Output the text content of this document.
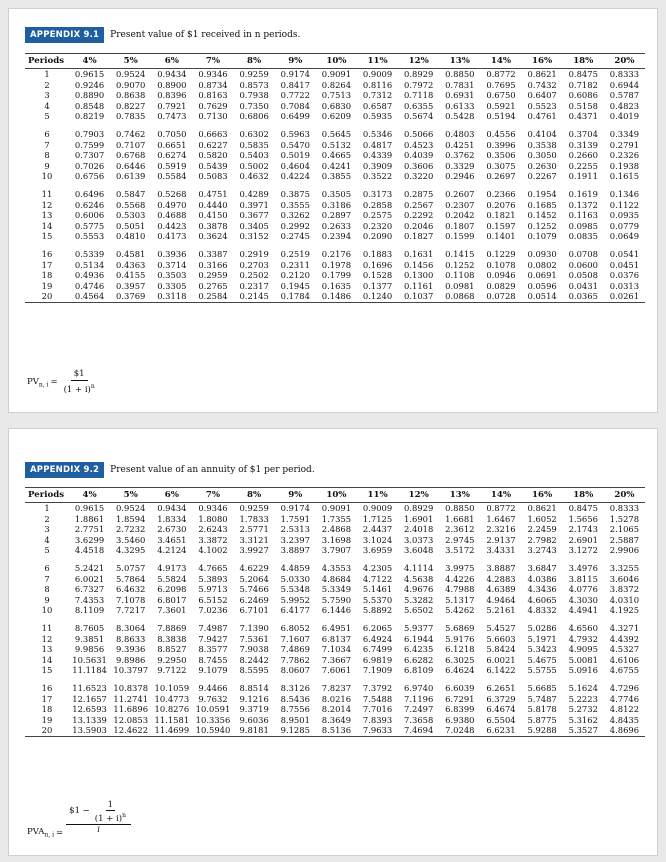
APPENDIX 9.1	Present value of $1 received in n periods.
Periods	4%	5%	6%	7%	8%	9%	10%	11%	12%	13%	14%	16%	18%	20%
1	0.9615	0.9524	0.9434	0.9346	0.9259	0.9174	0.9091	0.9009	0.8929	0.8850	0.8772	0.8621	0.8475	0.8333
2	0.9246	0.9070	0.8900	0.8734	0.8573	0.8417	0.8264	0.8116	0.7972	0.7831	0.7695	0.7432	0.7182	0.6944
3	0.8890	0.8638	0.8396	0.8163	0.7938	0.7722	0.7513	0.7312	0.7118	0.6931	0.6750	0.6407	0.6086	0.5787
4	0.8548	0.8227	0.7921	0.7629	0.7350	0.7084	0.6830	0.6587	0.6355	0.6133	0.5921	0.5523	0.5158	0.4823
5	0.8219	0.7835	0.7473	0.7130	0.6806	0.6499	0.6209	0.5935	0.5674	0.5428	0.5194	0.4761	0.4371	0.4019

6	0.7903	0.7462	0.7050	0.6663	0.6302	0.5963	0.5645	0.5346	0.5066	0.4803	0.4556	0.4104	0.3704	0.3349
7	0.7599	0.7107	0.6651	0.6227	0.5835	0.5470	0.5132	0.4817	0.4523	0.4251	0.3996	0.3538	0.3139	0.2791
8	0.7307	0.6768	0.6274	0.5820	0.5403	0.5019	0.4665	0.4339	0.4039	0.3762	0.3506	0.3050	0.2660	0.2326
9	0.7026	0.6446	0.5919	0.5439	0.5002	0.4604	0.4241	0.3909	0.3606	0.3329	0.3075	0.2630	0.2255	0.1938
10	0.6756	0.6139	0.5584	0.5083	0.4632	0.4224	0.3855	0.3522	0.3220	0.2946	0.2697	0.2267	0.1911	0.1615

11	0.6496	0.5847	0.5268	0.4751	0.4289	0.3875	0.3505	0.3173	0.2875	0.2607	0.2366	0.1954	0.1619	0.1346
12	0.6246	0.5568	0.4970	0.4440	0.3971	0.3555	0.3186	0.2858	0.2567	0.2307	0.2076	0.1685	0.1372	0.1122
13	0.6006	0.5303	0.4688	0.4150	0.3677	0.3262	0.2897	0.2575	0.2292	0.2042	0.1821	0.1452	0.1163	0.0935
14	0.5775	0.5051	0.4423	0.3878	0.3405	0.2992	0.2633	0.2320	0.2046	0.1807	0.1597	0.1252	0.0985	0.0779
15	0.5553	0.4810	0.4173	0.3624	0.3152	0.2745	0.2394	0.2090	0.1827	0.1599	0.1401	0.1079	0.0835	0.0649

16	0.5339	0.4581	0.3936	0.3387	0.2919	0.2519	0.2176	0.1883	0.1631	0.1415	0.1229	0.0930	0.0708	0.0541
17	0.5134	0.4363	0.3714	0.3166	0.2703	0.2311	0.1978	0.1696	0.1456	0.1252	0.1078	0.0802	0.0600	0.0451
18	0.4936	0.4155	0.3503	0.2959	0.2502	0.2120	0.1799	0.1528	0.1300	0.1108	0.0946	0.0691	0.0508	0.0376
19	0.4746	0.3957	0.3305	0.2765	0.2317	0.1945	0.1635	0.1377	0.1161	0.0981	0.0829	0.0596	0.0431	0.0313
20	0.4564	0.3769	0.3118	0.2584	0.2145	0.1784	0.1486	0.1240	0.1037	0.0868	0.0728	0.0514	0.0365	0.0261
$PV_{n, i} = \frac{\$1}{(1 + i)^n}$
APPENDIX 9.2	Present value of an annuity of $1 per period.
Periods	4%	5%	6%	7%	8%	9%	10%	11%	12%	13%	14%	16%	18%	20%
1	0.9615	0.9524	0.9434	0.9346	0.9259	0.9174	0.9091	0.9009	0.8929	0.8850	0.8772	0.8621	0.8475	0.8333
2	1.8861	1.8594	1.8334	1.8080	1.7833	1.7591	1.7355	1.7125	1.6901	1.6681	1.6467	1.6052	1.5656	1.5278
3	2.7751	2.7232	2.6730	2.6243	2.5771	2.5313	2.4868	2.4437	2.4018	2.3612	2.3216	2.2459	2.1743	2.1065
4	3.6299	3.5460	3.4651	3.3872	3.3121	3.2397	3.1698	3.1024	3.0373	2.9745	2.9137	2.7982	2.6901	2.5887
5	4.4518	4.3295	4.2124	4.1002	3.9927	3.8897	3.7907	3.6959	3.6048	3.5172	3.4331	3.2743	3.1272	2.9906

6	5.2421	5.0757	4.9173	4.7665	4.6229	4.4859	4.3553	4.2305	4.1114	3.9975	3.8887	3.6847	3.4976	3.3255
7	6.0021	5.7864	5.5824	5.3893	5.2064	5.0330	4.8684	4.7122	4.5638	4.4226	4.2883	4.0386	3.8115	3.6046
8	6.7327	6.4632	6.2098	5.9713	5.7466	5.5348	5.3349	5.1461	4.9676	4.7988	4.6389	4.3436	4.0776	3.8372
9	7.4353	7.1078	6.8017	6.5152	6.2469	5.9952	5.7590	5.5370	5.3282	5.1317	4.9464	4.6065	4.3030	4.0310
10	8.1109	7.7217	7.3601	7.0236	6.7101	6.4177	6.1446	5.8892	5.6502	5.4262	5.2161	4.8332	4.4941	4.1925

11	8.7605	8.3064	7.8869	7.4987	7.1390	6.8052	6.4951	6.2065	5.9377	5.6869	5.4527	5.0286	4.6560	4.3271
12	9.3851	8.8633	8.3838	7.9427	7.5361	7.1607	6.8137	6.4924	6.1944	5.9176	5.6603	5.1971	4.7932	4.4392
13	9.9856	9.3936	8.8527	8.3577	7.9038	7.4869	7.1034	6.7499	6.4235	6.1218	5.8424	5.3423	4.9095	4.5327
14	10.5631	9.8986	9.2950	8.7455	8.2442	7.7862	7.3667	6.9819	6.6282	6.3025	6.0021	5.4675	5.0081	4.6106
15	11.1184	10.3797	9.7122	9.1079	8.5595	8.0607	7.6061	7.1909	6.8109	6.4624	6.1422	5.5755	5.0916	4.6755

16	11.6523	10.8378	10.1059	9.4466	8.8514	8.3126	7.8237	7.3792	6.9740	6.6039	6.2651	5.6685	5.1624	4.7296
17	12.1657	11.2741	10.4773	9.7632	9.1216	8.5436	8.0216	7.5488	7.1196	6.7291	6.3729	5.7487	5.2223	4.7746
18	12.6593	11.6896	10.8276	10.0591	9.3719	8.7556	8.2014	7.7016	7.2497	6.8399	6.4674	5.8178	5.2732	4.8122
19	13.1339	12.0853	11.1581	10.3356	9.6036	8.9501	8.3649	7.8393	7.3658	6.9380	6.5504	5.8775	5.3162	4.8435
20	13.5903	12.4622	11.4699	10.5940	9.8181	9.1285	8.5136	7.9633	7.4694	7.0248	6.6231	5.9288	5.3527	4.8696
$PVA_{n, i} = \frac{\$1 - \frac{1}{(1 + i)^n}}{i}$
